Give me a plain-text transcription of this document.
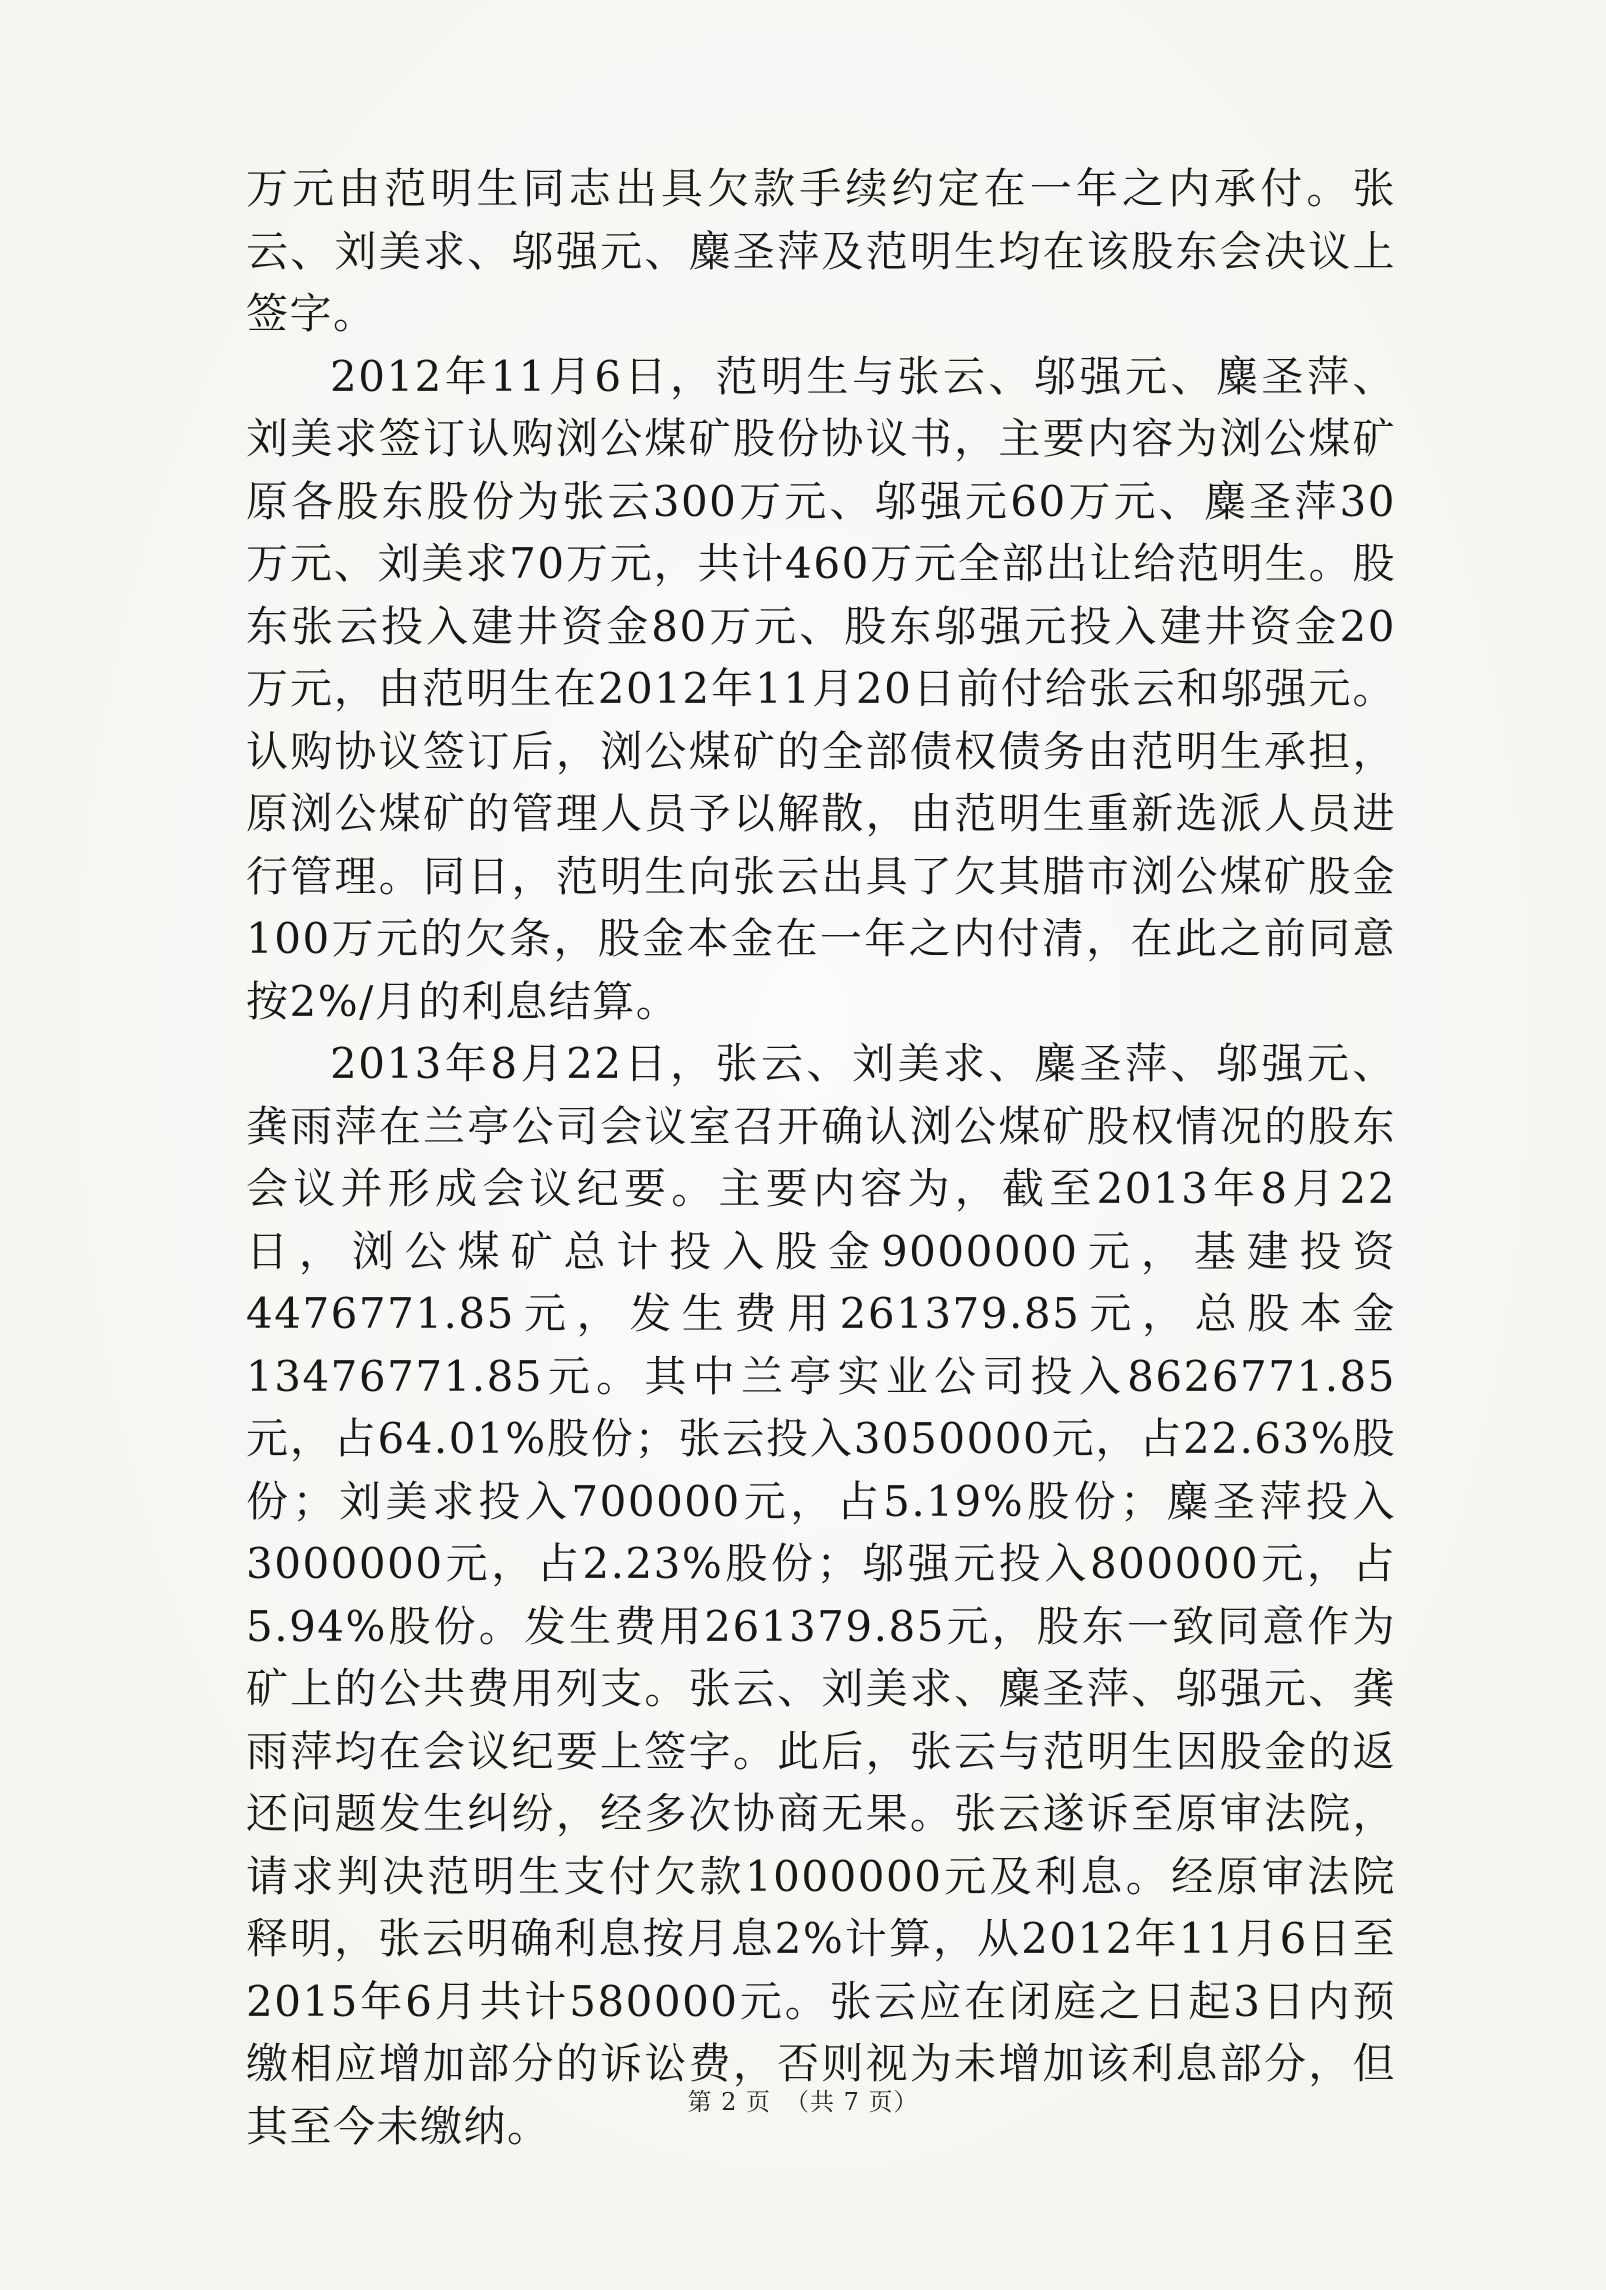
万元由范明生同志出具欠款手续约定在一年之内承付。张云、刘美求、邬强元、麋圣萍及范明生均在该股东会决议上签字。

2012年11月6日，范明生与张云、邬强元、麋圣萍、刘美求签订认购浏公煤矿股份协议书，主要内容为浏公煤矿原各股东股份为张云300万元、邬强元60万元、麋圣萍30万元、刘美求70万元，共计460万元全部出让给范明生。股东张云投入建井资金80万元、股东邬强元投入建井资金20万元，由范明生在2012年11月20日前付给张云和邬强元。认购协议签订后，浏公煤矿的全部债权债务由范明生承担，原浏公煤矿的管理人员予以解散，由范明生重新选派人员进行管理。同日，范明生向张云出具了欠其腊市浏公煤矿股金100万元的欠条，股金本金在一年之内付清，在此之前同意按2%/月的利息结算。

2013年8月22日，张云、刘美求、麋圣萍、邬强元、龚雨萍在兰亭公司会议室召开确认浏公煤矿股权情况的股东会议并形成会议纪要。主要内容为，截至2013年8月22日，浏公煤矿总计投入股金9000000元，基建投资4476771.85元，发生费用261379.85元，总股本金13476771.85元。其中兰亭实业公司投入8626771.85元，占64.01%股份；张云投入3050000元，占22.63%股份；刘美求投入700000元，占5.19%股份；麋圣萍投入3000000元，占2.23%股份；邬强元投入800000元，占5.94%股份。发生费用261379.85元，股东一致同意作为矿上的公共费用列支。张云、刘美求、麋圣萍、邬强元、龚雨萍均在会议纪要上签字。此后，张云与范明生因股金的返还问题发生纠纷，经多次协商无果。张云遂诉至原审法院，请求判决范明生支付欠款1000000元及利息。经原审法院释明，张云明确利息按月息2%计算，从2012年11月6日至2015年6月共计580000元。张云应在闭庭之日起3日内预缴相应增加部分的诉讼费，否则视为未增加该利息部分，但其至今未缴纳。	第 2 页 （共 7 页）
